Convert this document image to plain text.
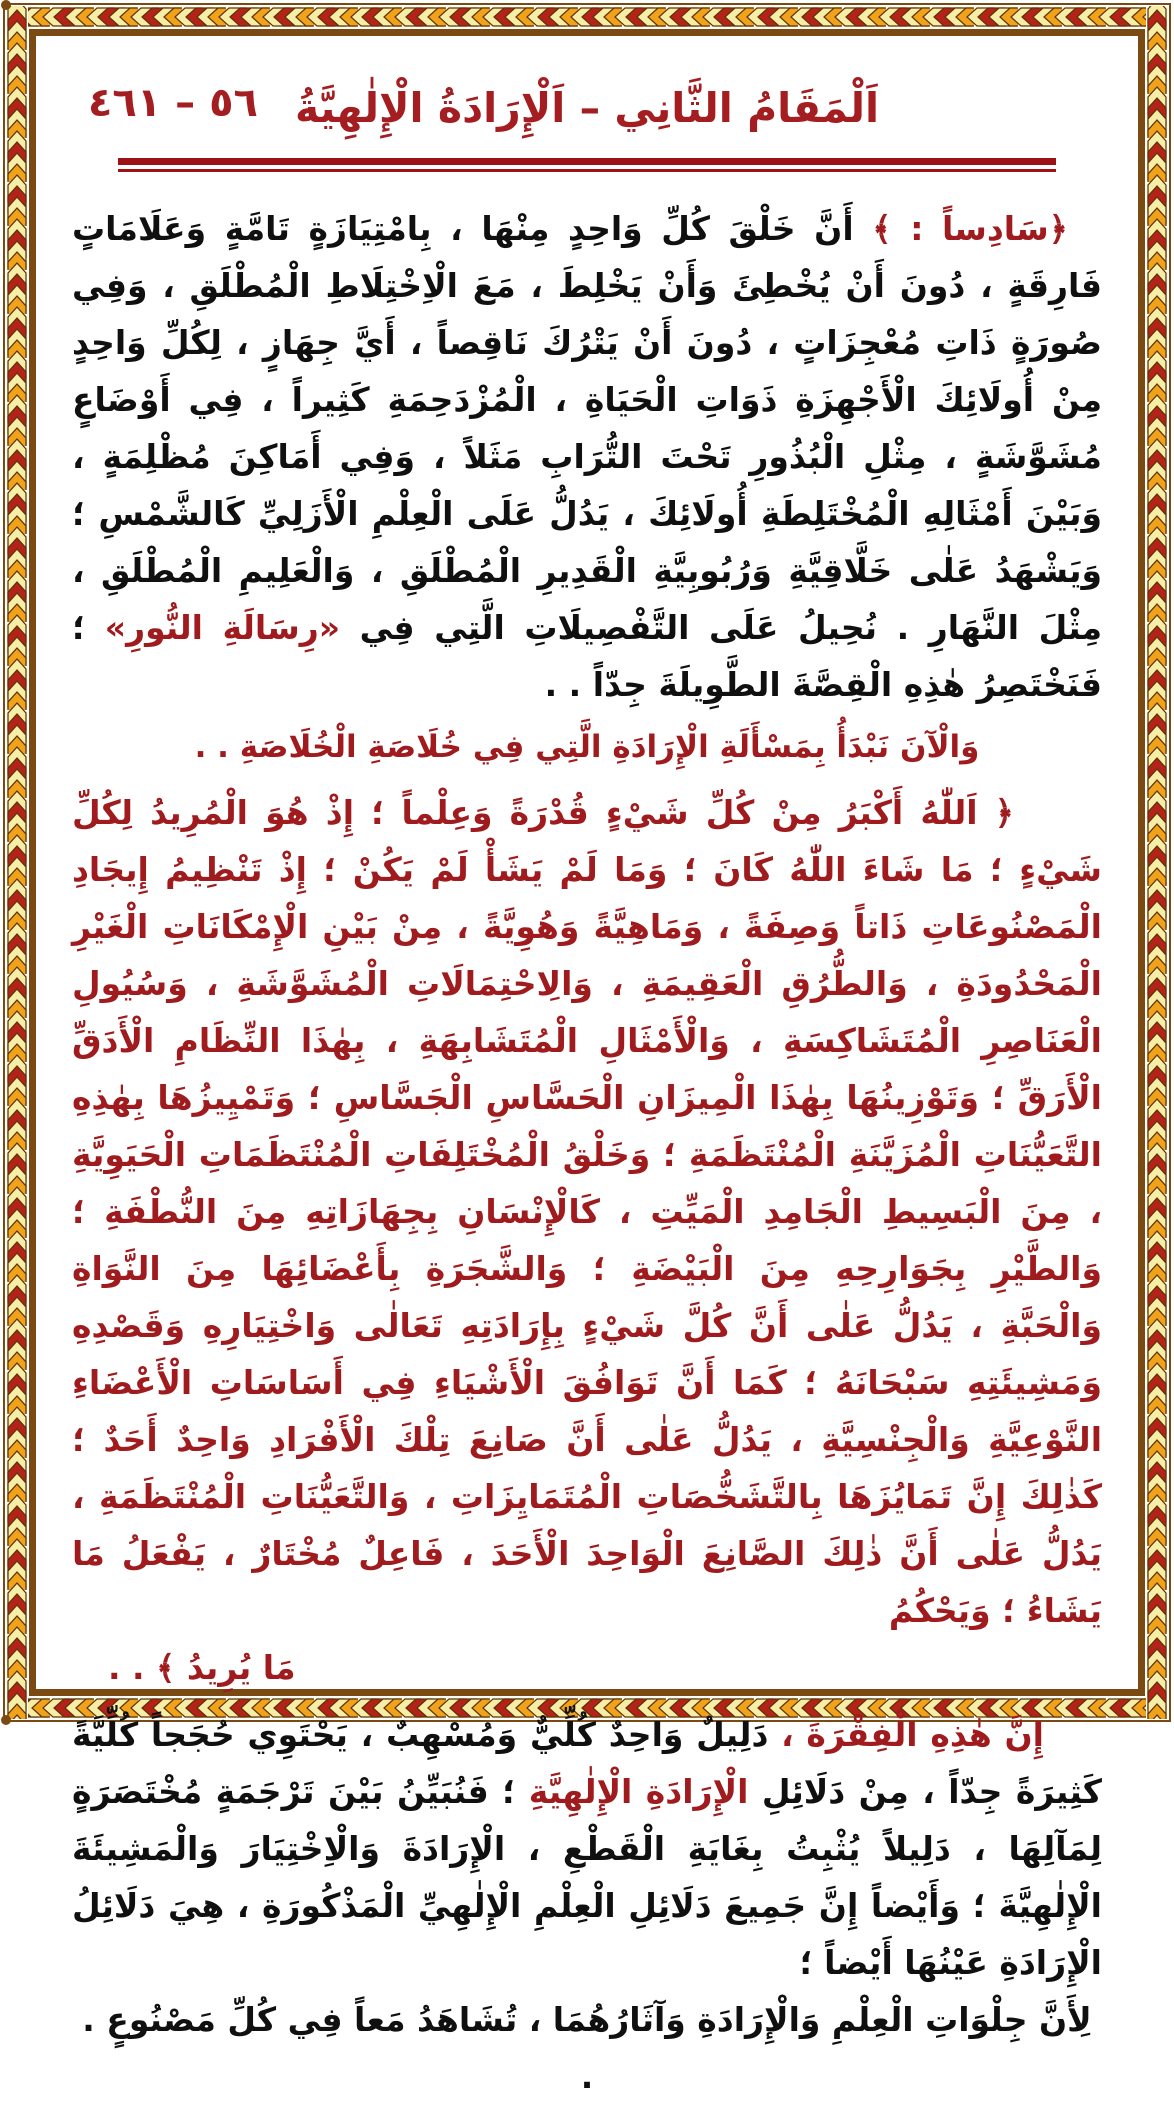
٥٦ – ٤٦١ اَلْمَقَامُ الثَّانِي – اَلْإِرَادَةُ الْإِلٰهِيَّةُ

﴿سَادِساً : ﴾ أَنَّ خَلْقَ كُلِّ وَاحِدٍ مِنْهَا ، بِامْتِيَازَةٍ تَامَّةٍ وَعَلَامَاتٍ فَارِقَةٍ ، دُونَ أَنْ يُخْطِئَ وَأَنْ يَخْلِطَ ، مَعَ الْاِخْتِلَاطِ الْمُطْلَقِ ، وَفِي صُورَةٍ ذَاتِ مُعْجِزَاتٍ ، دُونَ أَنْ يَتْرُكَ نَاقِصاً ، أَيَّ جِهَازٍ ، لِكُلِّ وَاحِدٍ مِنْ أُولَائِكَ الْأَجْهِزَةِ ذَوَاتِ الْحَيَاةِ ، الْمُزْدَحِمَةِ كَثِيراً ، فِي أَوْضَاعٍ مُشَوَّشَةٍ ، مِثْلِ الْبُذُورِ تَحْتَ التُّرَابِ مَثَلاً ، وَفِي أَمَاكِنَ مُظْلِمَةٍ ، وَبَيْنَ أَمْثَالِهِ الْمُخْتَلِطَةِ أُولَائِكَ ، يَدُلُّ عَلَى الْعِلْمِ الْأَزَلِيِّ كَالشَّمْسِ ؛ وَيَشْهَدُ عَلٰى خَلَّاقِيَّةِ وَرُبُوبِيَّةِ الْقَدِيرِ الْمُطْلَقِ ، وَالْعَلِيمِ الْمُطْلَقِ ، مِثْلَ النَّهَارِ . نُحِيلُ عَلَى التَّفْصِيلَاتِ الَّتِي فِي «رِسَالَةِ النُّورِ» ؛ فَنَخْتَصِرُ هٰذِهِ الْقِصَّةَ الطَّوِيلَةَ جِدّاً . .

وَالْآنَ نَبْدَأُ بِمَسْأَلَةِ الْإِرَادَةِ الَّتِي فِي خُلَاصَةِ الْخُلَاصَةِ . .

﴿ اَللّٰهُ أَكْبَرُ مِنْ كُلِّ شَيْءٍ قُدْرَةً وَعِلْماً ؛ إِذْ هُوَ الْمُرِيدُ لِكُلِّ شَيْءٍ ؛ مَا شَاءَ اللّٰهُ كَانَ ؛ وَمَا لَمْ يَشَأْ لَمْ يَكُنْ ؛ إِذْ تَنْظِيمُ إِيجَادِ الْمَصْنُوعَاتِ ذَاتاً وَصِفَةً ، وَمَاهِيَّةً وَهُوِيَّةً ، مِنْ بَيْنِ الْإِمْكَانَاتِ الْغَيْرِ الْمَحْدُودَةِ ، وَالطُّرُقِ الْعَقِيمَةِ ، وَالِاحْتِمَالَاتِ الْمُشَوَّشَةِ ، وَسُيُولِ الْعَنَاصِرِ الْمُتَشَاكِسَةِ ، وَالْأَمْثَالِ الْمُتَشَابِهَةِ ، بِهٰذَا النِّظَامِ الْأَدَقِّ الْأَرَقِّ ؛ وَتَوْزِينُهَا بِهٰذَا الْمِيزَانِ الْحَسَّاسِ الْجَسَّاسِ ؛ وَتَمْيِيزُهَا بِهٰذِهِ التَّعَيُّنَاتِ الْمُزَيَّنَةِ الْمُنْتَظَمَةِ ؛ وَخَلْقُ الْمُخْتَلِفَاتِ الْمُنْتَظَمَاتِ الْحَيَوِيَّةِ ، مِنَ الْبَسِيطِ الْجَامِدِ الْمَيِّتِ ، كَالْإِنْسَانِ بِجِهَازَاتِهِ مِنَ النُّطْفَةِ ؛ وَالطَّيْرِ بِجَوَارِحِهِ مِنَ الْبَيْضَةِ ؛ وَالشَّجَرَةِ بِأَعْضَائِهَا مِنَ النَّوَاةِ وَالْحَبَّةِ ، يَدُلُّ عَلٰى أَنَّ كُلَّ شَيْءٍ بِإِرَادَتِهِ تَعَالٰى وَاخْتِيَارِهِ وَقَصْدِهِ وَمَشِيئَتِهِ سَبْحَانَهُ ؛ كَمَا أَنَّ تَوَافُقَ الْأَشْيَاءِ فِي أَسَاسَاتِ الْأَعْضَاءِ النَّوْعِيَّةِ وَالْجِنْسِيَّةِ ، يَدُلُّ عَلٰى أَنَّ صَانِعَ تِلْكَ الْأَفْرَادِ وَاحِدٌ أَحَدٌ ؛ كَذٰلِكَ إِنَّ تَمَايُزَهَا بِالتَّشَخُّصَاتِ الْمُتَمَايِزَاتِ ، وَالتَّعَيُّنَاتِ الْمُنْتَظَمَةِ ، يَدُلُّ عَلٰى أَنَّ ذٰلِكَ الصَّانِعَ الْوَاحِدَ الْأَحَدَ ، فَاعِلٌ مُخْتَارٌ ، يَفْعَلُ مَا يَشَاءُ ؛ وَيَحْكُمُ

مَا يُرِيدُ ﴾ . .

إِنَّ هٰذِهِ الْفِقْرَةَ ، دَلِيلٌ وَاحِدٌ كُلِّيٌّ وَمُسْهِبٌ ، يَحْتَوِي حُجَجاً كُلِّيَّةً كَثِيرَةً جِدّاً ، مِنْ دَلَائِلِ الْإِرَادَةِ الْإِلٰهِيَّةِ ؛ فَنُبَيِّنُ بَيْنَ تَرْجَمَةٍ مُخْتَصَرَةٍ لِمَآلِهَا ، دَلِيلاً يُثْبِتُ بِغَايَةِ الْقَطْعِ ، الْإِرَادَةَ وَالْاِخْتِيَارَ وَالْمَشِيئَةَ الْإِلٰهِيَّةَ ؛ وَأَيْضاً إِنَّ جَمِيعَ دَلَائِلِ الْعِلْمِ الْإِلٰهِيِّ الْمَذْكُورَةِ ، هِيَ دَلَائِلُ الْإِرَادَةِ عَيْنُهَا أَيْضاً ؛

لِأَنَّ جِلْوَاتِ الْعِلْمِ وَالْإِرَادَةِ وَآثَارُهُمَا ، تُشَاهَدُ مَعاً فِي كُلِّ مَصْنُوعٍ . .
